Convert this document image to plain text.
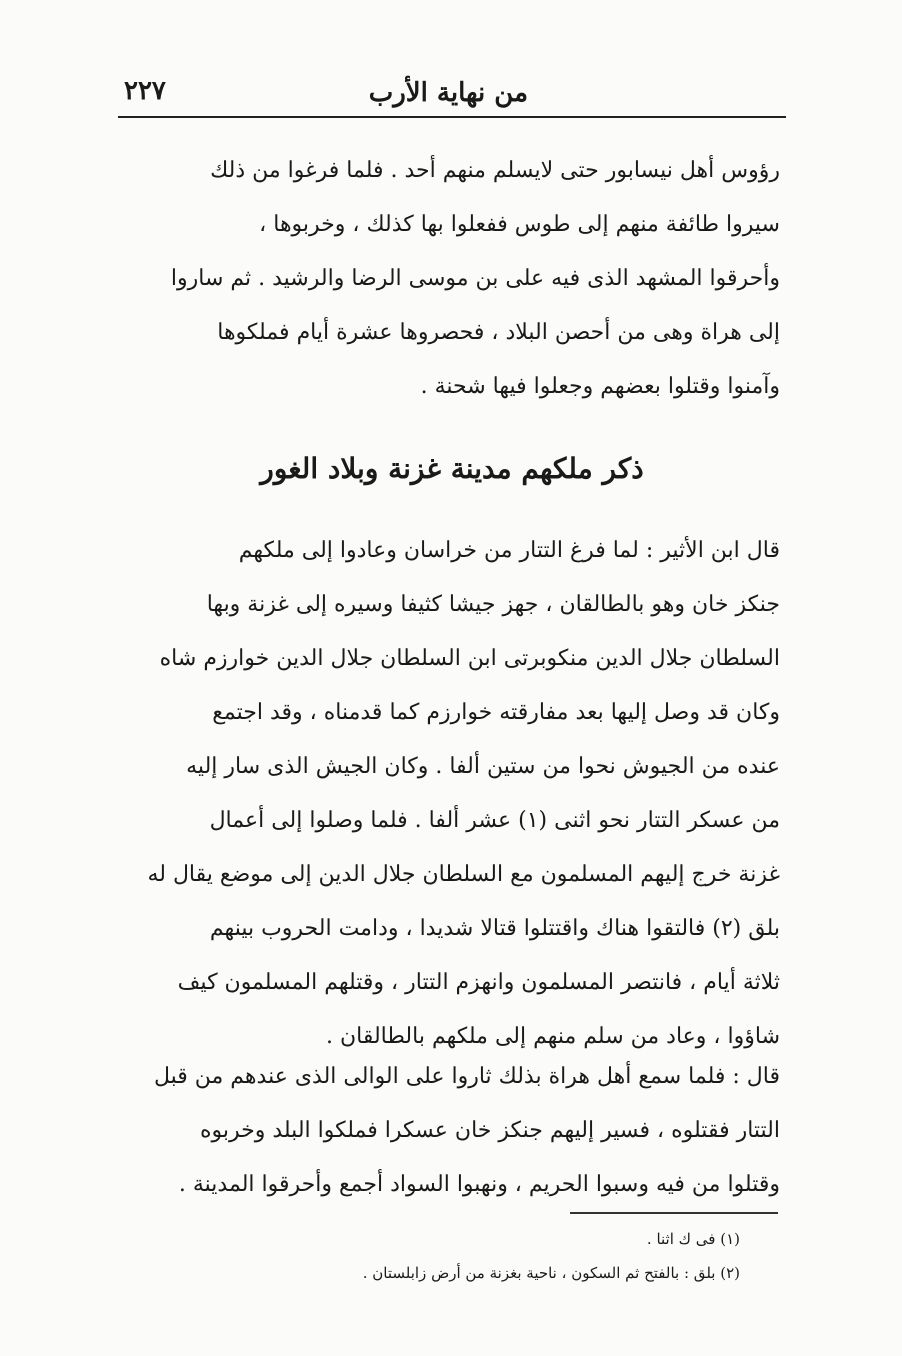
من نهاية الأرب
٢٢٧
رؤوس أهل نيسابور حتى لايسلم منهم أحد . فلما فرغوا من ذلك
سيروا طائفة منهم إلى طوس ففعلوا بها كذلك ، وخربوها ،
وأحرقوا المشهد الذى فيه على بن موسى الرضا والرشيد . ثم ساروا
إلى هراة وهى من أحصن البلاد ، فحصروها عشرة أيام فملكوها
وآمنوا وقتلوا بعضهم وجعلوا فيها شحنة .
ذكر ملكهم مدينة غزنة وبلاد الغور
قال ابن الأثير : لما فرغ التتار من خراسان وعادوا إلى ملكهم
جنكز خان وهو بالطالقان ، جهز جيشا كثيفا وسيره إلى غزنة وبها
السلطان جلال الدين منكوبرتى ابن السلطان جلال الدين خوارزم شاه
وكان قد وصل إليها بعد مفارقته خوارزم كما قدمناه ، وقد اجتمع
عنده من الجيوش نحوا من ستين ألفا . وكان الجيش الذى سار إليه
من عسكر التتار نحو اثنى (١) عشر ألفا . فلما وصلوا إلى أعمال
غزنة خرج إليهم المسلمون مع السلطان جلال الدين إلى موضع يقال له
بلق (٢) فالتقوا هناك واقتتلوا قتالا شديدا ، ودامت الحروب بينهم
ثلاثة أيام ، فانتصر المسلمون وانهزم التتار ، وقتلهم المسلمون كيف
شاؤوا ، وعاد من سلم منهم إلى ملكهم بالطالقان .
قال : فلما سمع أهل هراة بذلك ثاروا على الوالى الذى عندهم من قبل
التتار فقتلوه ، فسير إليهم جنكز خان عسكرا فملكوا البلد وخربوه
وقتلوا من فيه وسبوا الحريم ، ونهبوا السواد أجمع وأحرقوا المدينة .
(١) فى ك اثنا .
(٢) بلق : بالفتح ثم السكون ، ناحية بغزنة من أرض زابلستان .
